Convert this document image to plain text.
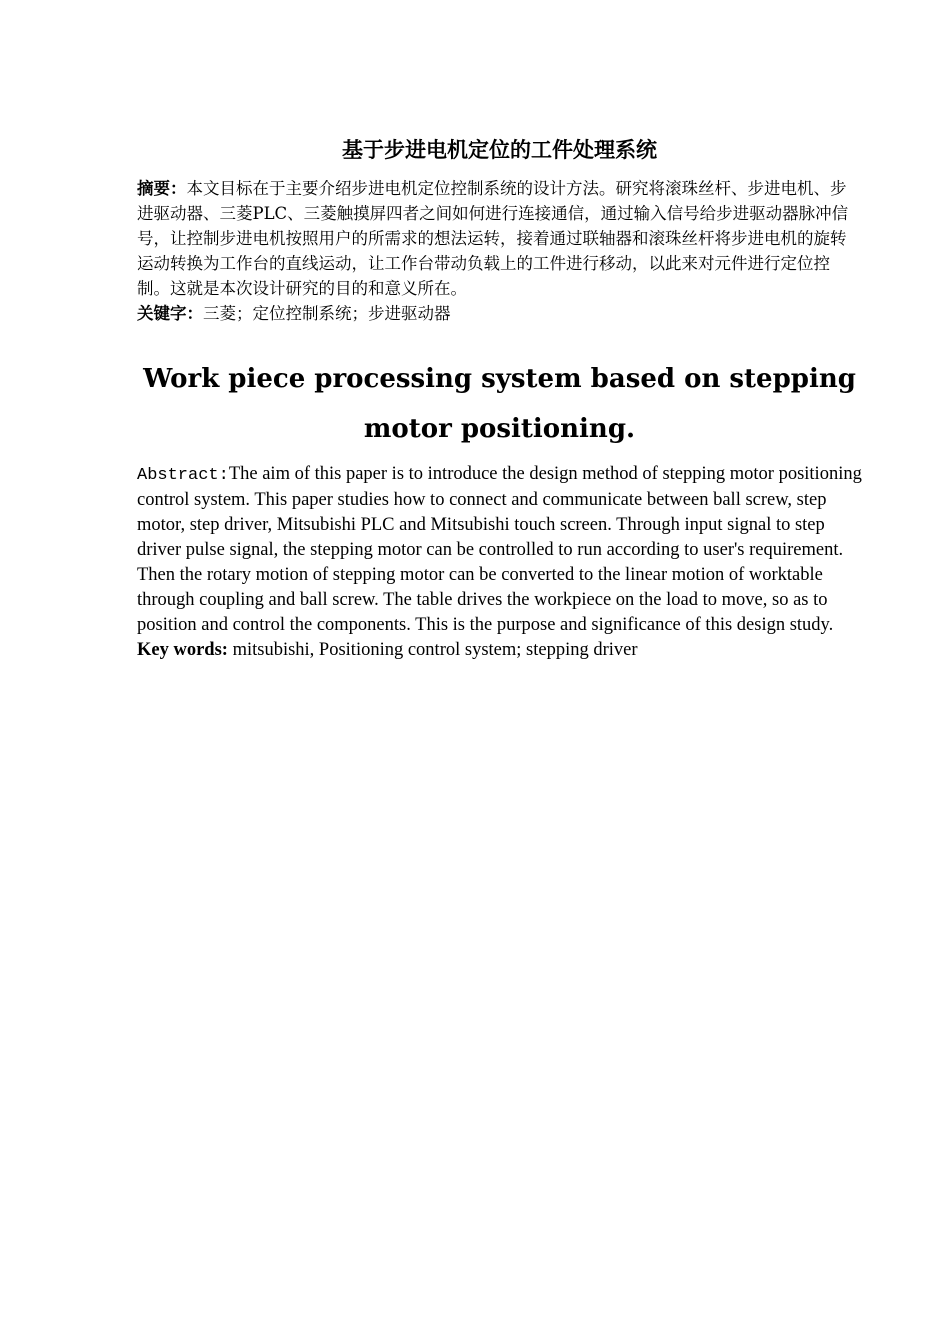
基于步进电机定位的工件处理系统

摘要：本文目标在于主要介绍步进电机定位控制系统的设计方法。研究将滚珠丝杆、步进电机、步进驱动器、三菱PLC、三菱触摸屏四者之间如何进行连接通信，通过输入信号给步进驱动器脉冲信号，让控制步进电机按照用户的所需求的想法运转，接着通过联轴器和滚珠丝杆将步进电机的旋转运动转换为工作台的直线运动，让工作台带动负载上的工件进行移动，以此来对元件进行定位控制。这就是本次设计研究的目的和意义所在。

关键字：三菱；定位控制系统；步进驱动器

Work piece processing system based on stepping
motor positioning.

Abstract:The aim of this paper is to introduce the design method of stepping motor positioning control system. This paper studies how to connect and communicate between ball screw, step motor, step driver, Mitsubishi PLC and Mitsubishi touch screen. Through input signal to step driver pulse signal, the stepping motor can be controlled to run according to user's requirement. Then the rotary motion of stepping motor can be converted to the linear motion of worktable through coupling and ball screw. The table drives the workpiece on the load to move, so as to position and control the components. This is the purpose and significance of this design study.

Key words: mitsubishi, Positioning control system; stepping driver
